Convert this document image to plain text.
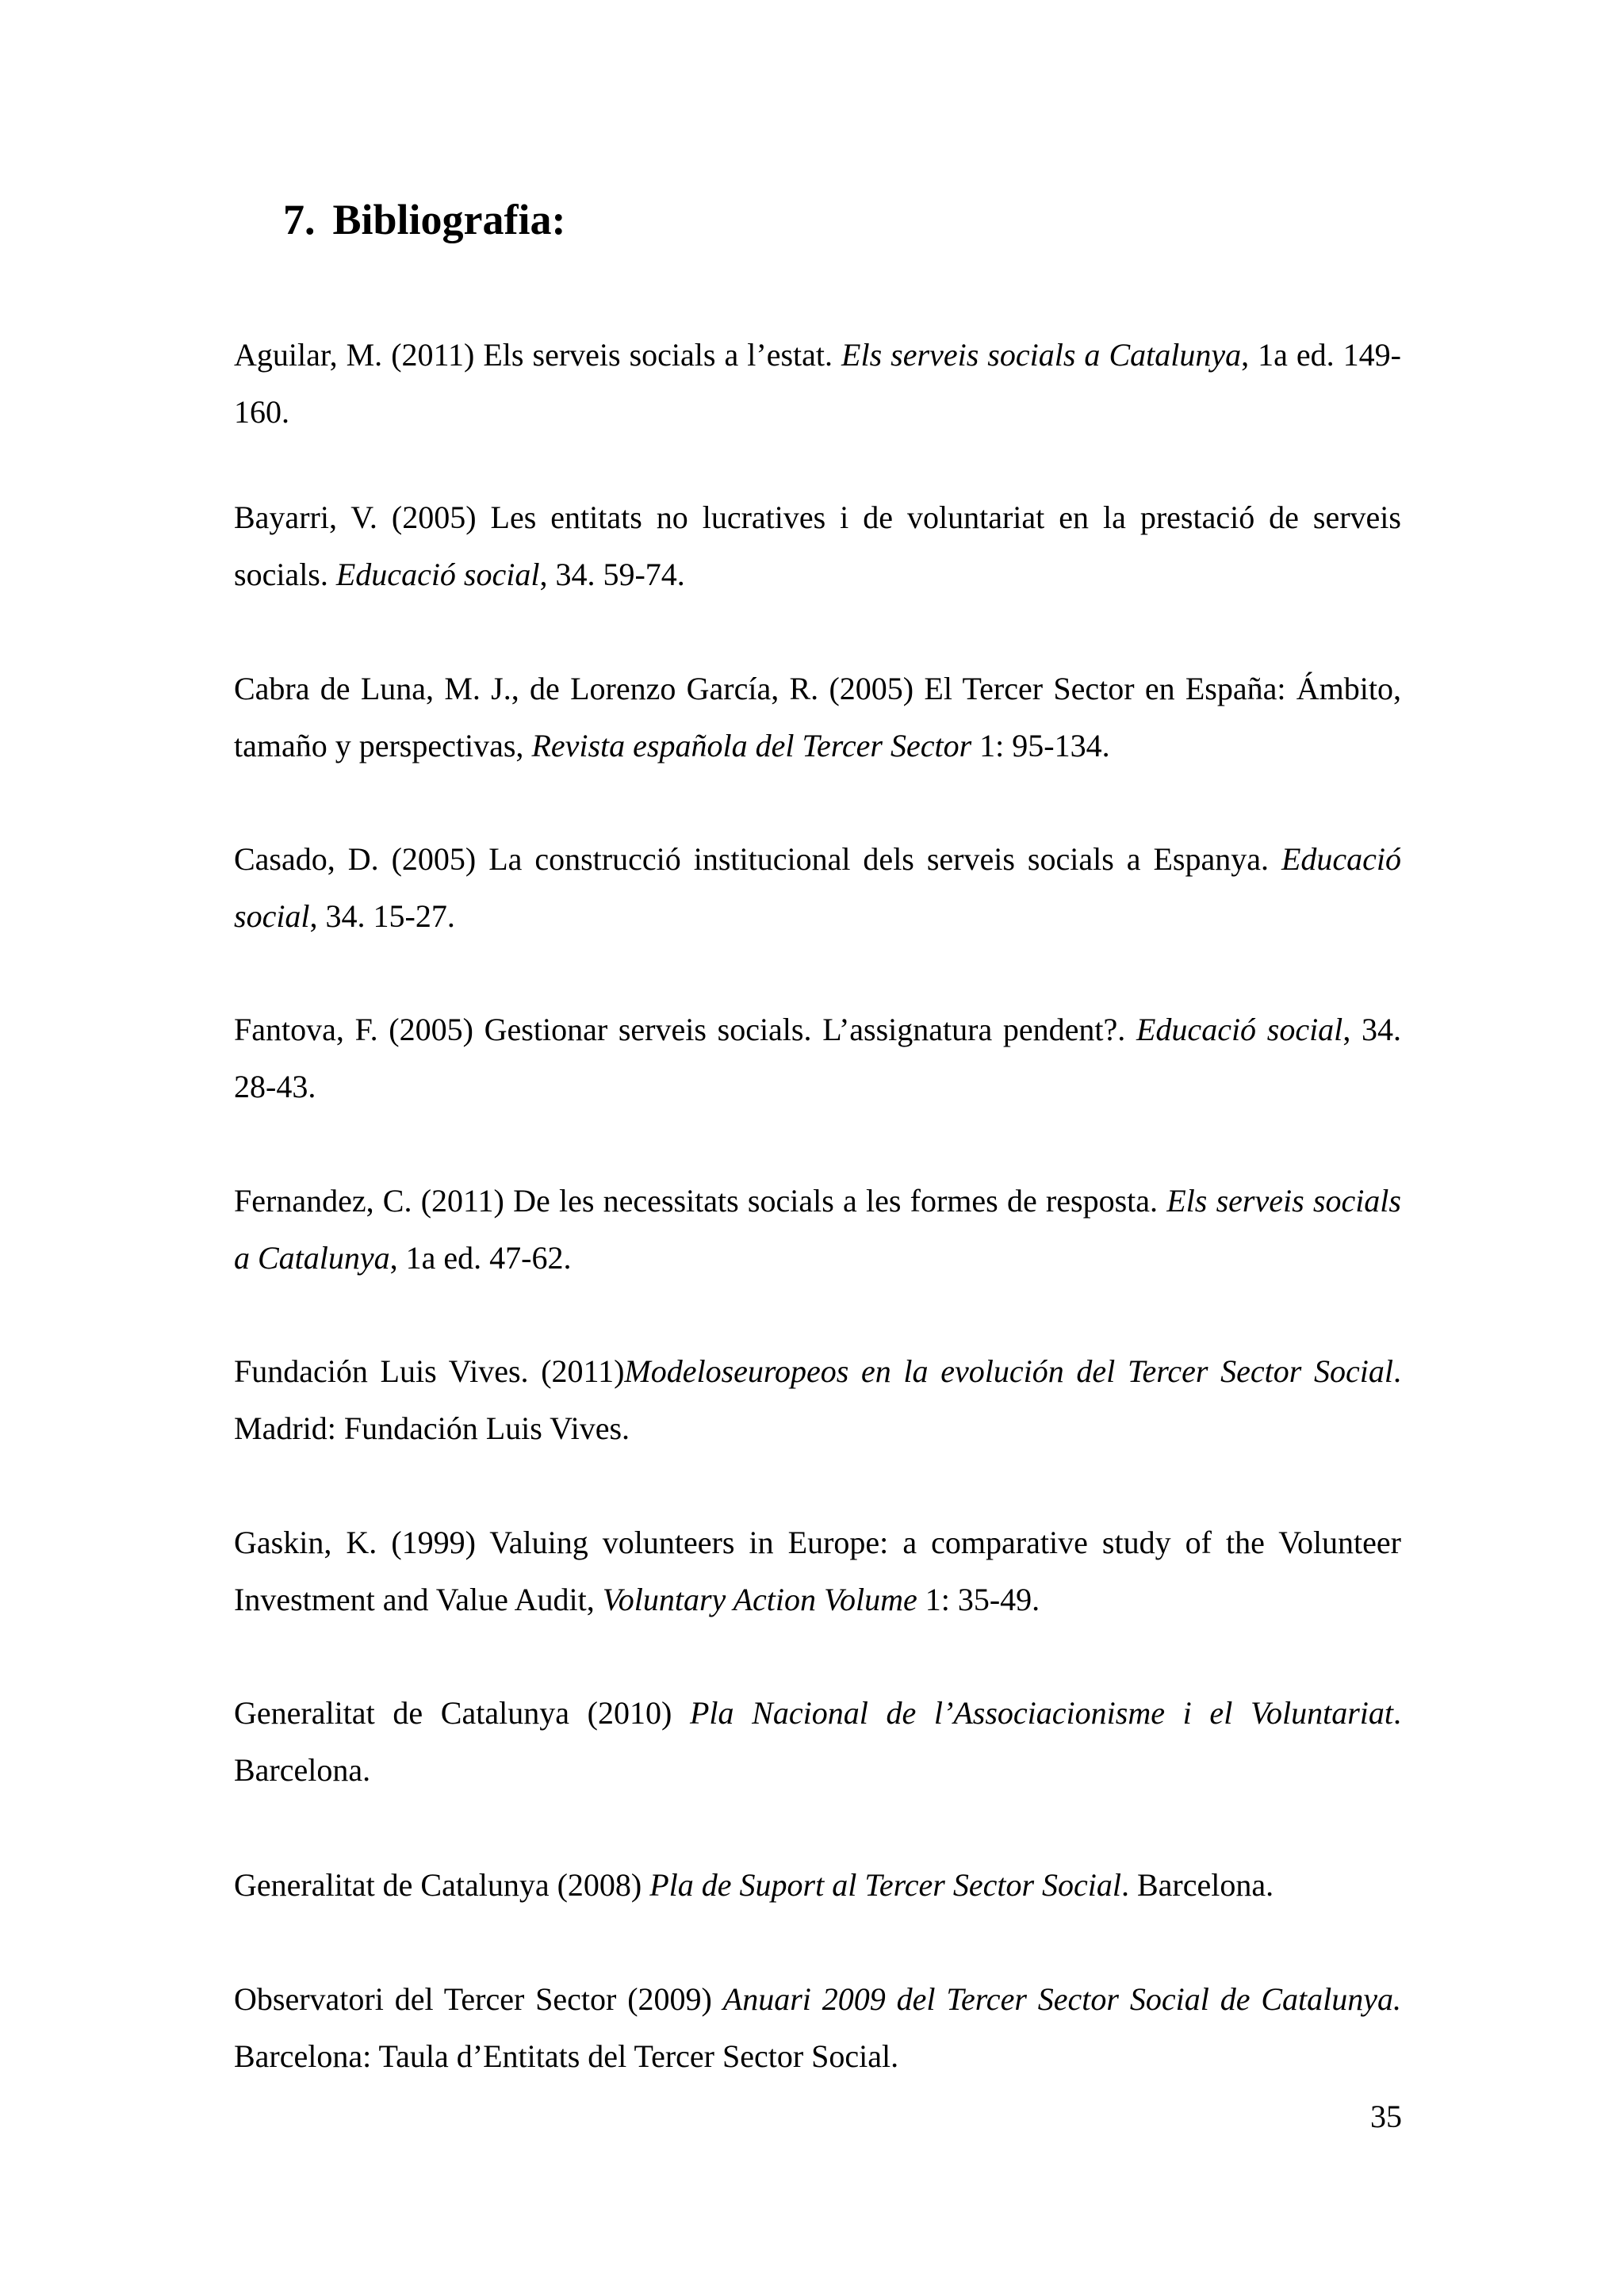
7. Bibliografia:

Aguilar, M. (2011) Els serveis socials a l’estat. Els serveis socials a Catalunya, 1a ed. 149-160.

Bayarri, V. (2005) Les entitats no lucratives i de voluntariat en la prestació de serveis socials. Educació social, 34. 59-74.

Cabra de Luna, M. J., de Lorenzo García, R. (2005) El Tercer Sector en España: Ámbito, tamaño y perspectivas, Revista española del Tercer Sector 1: 95-134.

Casado, D. (2005) La construcció institucional dels serveis socials a Espanya. Educació social, 34. 15-27.

Fantova, F. (2005) Gestionar serveis socials. L’assignatura pendent?. Educació social, 34. 28-43.

Fernandez, C. (2011) De les necessitats socials a les formes de resposta. Els serveis socials a Catalunya, 1a ed. 47-62.

Fundación Luis Vives. (2011)Modeloseuropeos en la evolución del Tercer Sector Social. Madrid: Fundación Luis Vives.

Gaskin, K. (1999) Valuing volunteers in Europe: a comparative study of the Volunteer Investment and Value Audit, Voluntary Action Volume 1: 35-49.

Generalitat de Catalunya (2010) Pla Nacional de l’Associacionisme i el Voluntariat. Barcelona.

Generalitat de Catalunya (2008) Pla de Suport al Tercer Sector Social. Barcelona.

Observatori del Tercer Sector (2009) Anuari 2009 del Tercer Sector Social de Catalunya. Barcelona: Taula d’Entitats del Tercer Sector Social.

35
